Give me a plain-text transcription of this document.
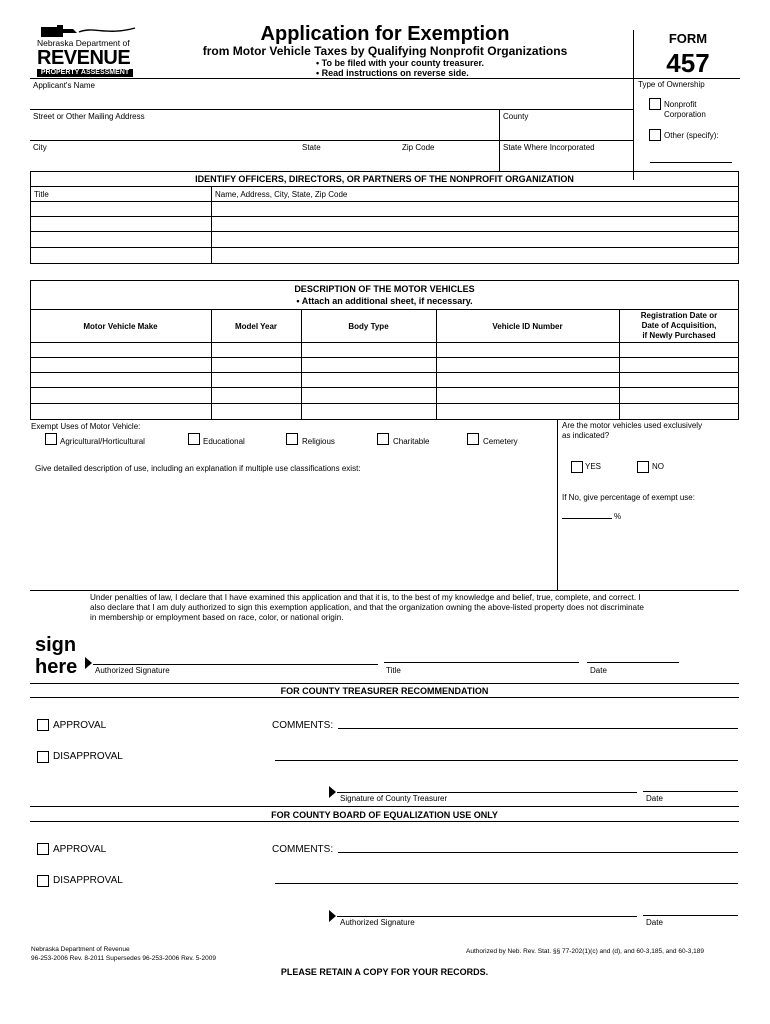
Nebraska Department of
REVENUE
PROPERTY ASSESSMENT
Application for Exemption
from Motor Vehicle Taxes by Qualifying Nonprofit Organizations
• To be filed with your county treasurer.
• Read instructions on reverse side.
FORM
457
Applicant's Name
Street or Other Mailing Address	County
City	State	Zip Code	State Where Incorporated
Type of Ownership
Nonprofit
Corporation
Other (specify):
IDENTIFY OFFICERS, DIRECTORS, OR PARTNERS OF THE NONPROFIT ORGANIZATION
Title	Name, Address, City, State, Zip Code
DESCRIPTION OF THE MOTOR VEHICLES
• Attach an additional sheet, if necessary.
Motor Vehicle Make	Model Year	Body Type	Vehicle ID Number
Registration Date or
Date of Acquisition,
if Newly Purchased
Exempt Uses of Motor Vehicle:
Agricultural/Horticultural	Educational	Religious	Charitable	Cemetery
Give detailed description of use, including an explanation if multiple use classifications exist:
Are the motor vehicles used exclusively
as indicated?
YES	NO
If No, give percentage of exempt use:
%
Under penalties of law, I declare that I have examined this application and that it is, to the best of my knowledge and belief, true, complete, and correct. I
also declare that I am duly authorized to sign this exemption application, and that the organization owning the above-listed property does not discriminate
in membership or employment based on race, color, or national origin.
sign
here Authorized Signature	Title	Date
FOR COUNTY TREASURER RECOMMENDATION
APPROVAL
DISAPPROVAL
COMMENTS:
Signature of County Treasurer	Date
FOR COUNTY BOARD OF EQUALIZATION USE ONLY
APPROVAL
DISAPPROVAL
COMMENTS:
Authorized Signature	Date
Nebraska Department of Revenue
96-253-2006 Rev. 8-2011 Supersedes 96-253-2006 Rev. 5-2009
Authorized by Neb. Rev. Stat. §§ 77-202(1)(c) and (d), and 60-3,185, and 60-3,189
PLEASE RETAIN A COPY FOR YOUR RECORDS.
